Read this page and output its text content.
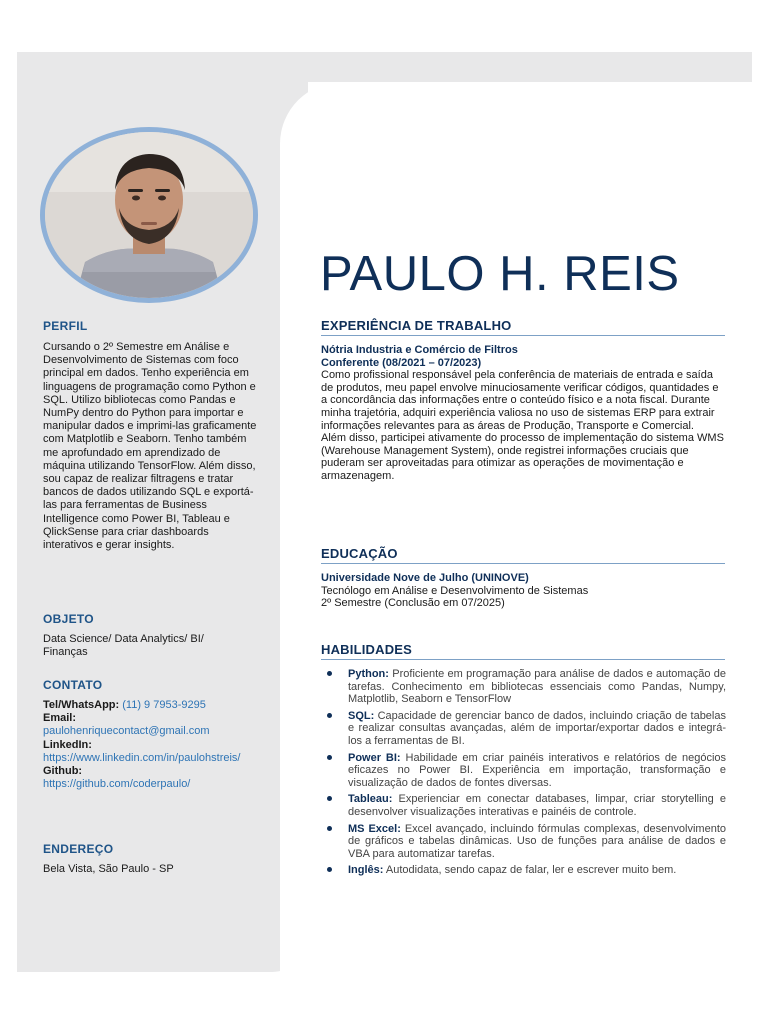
PERFIL
Cursando o 2º Semestre em Análise e Desenvolvimento de Sistemas com foco principal em dados. Tenho experiência em linguagens de programação como Python e SQL. Utilizo bibliotecas como Pandas e NumPy dentro do Python para importar e manipular dados e imprimi-las graficamente com Matplotlib e Seaborn. Tenho também me aprofundado em aprendizado de máquina utilizando TensorFlow. Além disso, sou capaz de realizar filtragens e tratar bancos de dados utilizando SQL e exportá-las para ferramentas de Business Intelligence como Power BI, Tableau e QlickSense para criar dashboards interativos e gerar insights.
OBJETO
Data Science/ Data Analytics/ BI/ Finanças
CONTATO
Tel/WhatsApp: (11) 9 7953-9295
Email:
paulohenriquecontact@gmail.com
LinkedIn:
https://www.linkedin.com/in/paulohstreis/
Github:
https://github.com/coderpaulo/
ENDEREÇO
Bela Vista, São Paulo - SP
PAULO H. REIS
EXPERIÊNCIA DE TRABALHO
Nótria Industria e Comércio de Filtros
Conferente (08/2021 – 07/2023)
Como profissional responsável pela conferência de materiais de entrada e saída de produtos, meu papel envolve minuciosamente verificar códigos, quantidades e a concordância das informações entre o conteúdo físico e a nota fiscal. Durante minha trajetória, adquiri experiência valiosa no uso de sistemas ERP para extrair informações relevantes para as áreas de Produção, Transporte e Comercial.
Além disso, participei ativamente do processo de implementação do sistema WMS (Warehouse Management System), onde registrei informações cruciais que puderam ser aproveitadas para otimizar as operações de movimentação e armazenagem.
EDUCAÇÃO
Universidade Nove de Julho (UNINOVE)
Tecnólogo em Análise e Desenvolvimento de Sistemas
2º Semestre (Conclusão em 07/2025)
HABILIDADES
Python: Proficiente em programação para análise de dados e automação de tarefas. Conhecimento em bibliotecas essenciais como Pandas, Numpy, Matplotlib, Seaborn e TensorFlow
SQL: Capacidade de gerenciar banco de dados, incluindo criação de tabelas e realizar consultas avançadas, além de importar/exportar dados e integrá-los a ferramentas de BI.
Power BI: Habilidade em criar painéis interativos e relatórios de negócios eficazes no Power BI. Experiência em importação, transformação e visualização de dados de fontes diversas.
Tableau: Experienciar em conectar databases, limpar, criar storytelling e desenvolver visualizações interativas e painéis de controle.
MS Excel: Excel avançado, incluindo fórmulas complexas, desenvolvimento de gráficos e tabelas dinâmicas. Uso de funções para análise de dados e VBA para automatizar tarefas.
Inglês: Autodidata, sendo capaz de falar, ler e escrever muito bem.
